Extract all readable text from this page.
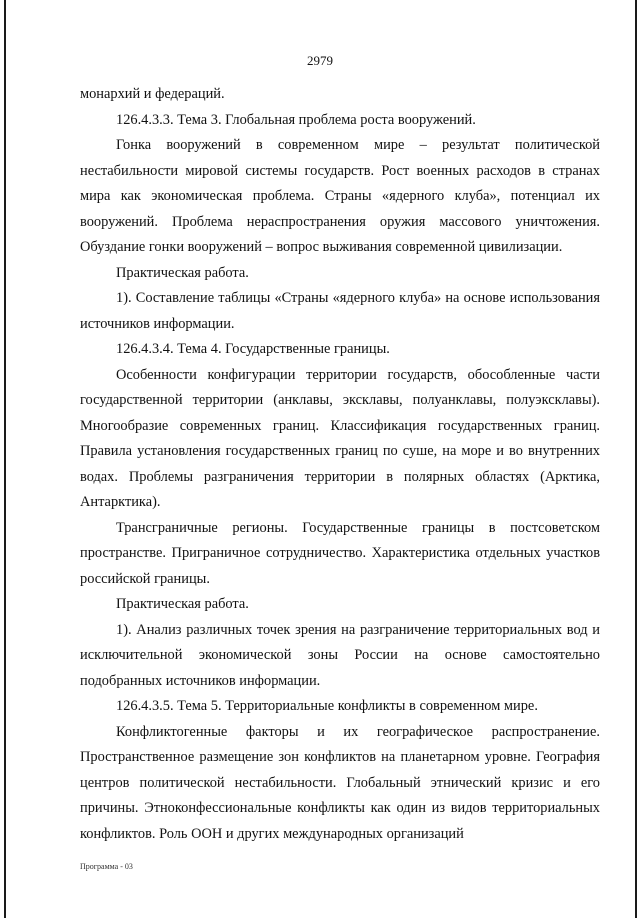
2979

монархий и федераций.

126.4.3.3. Тема 3. Глобальная проблема роста вооружений.

Гонка вооружений в современном мире – результат политической нестабильности мировой системы государств. Рост военных расходов в странах мира как экономическая проблема. Страны «ядерного клуба», потенциал их вооружений. Проблема нераспространения оружия массового уничтожения. Обуздание гонки вооружений – вопрос выживания современной цивилизации.

Практическая работа.

1). Составление таблицы «Страны «ядерного клуба» на основе использования источников информации.

126.4.3.4. Тема 4. Государственные границы.

Особенности конфигурации территории государств, обособленные части государственной территории (анклавы, эксклавы, полуанклавы, полуэксклавы). Многообразие современных границ. Классификация государственных границ. Правила установления государственных границ по суше, на море и во внутренних водах. Проблемы разграничения территории в полярных областях (Арктика, Антарктика).

Трансграничные регионы. Государственные границы в постсоветском пространстве. Приграничное сотрудничество. Характеристика отдельных участков российской границы.

Практическая работа.

1). Анализ различных точек зрения на разграничение территориальных вод и исключительной экономической зоны России на основе самостоятельно подобранных источников информации.

126.4.3.5. Тема 5. Территориальные конфликты в современном мире.

Конфликтогенные факторы и их географическое распространение. Пространственное размещение зон конфликтов на планетарном уровне. География центров политической нестабильности. Глобальный этнический кризис и его причины. Этноконфессиональные конфликты как один из видов территориальных конфликтов. Роль ООН и других международных организаций

Программа - 03
